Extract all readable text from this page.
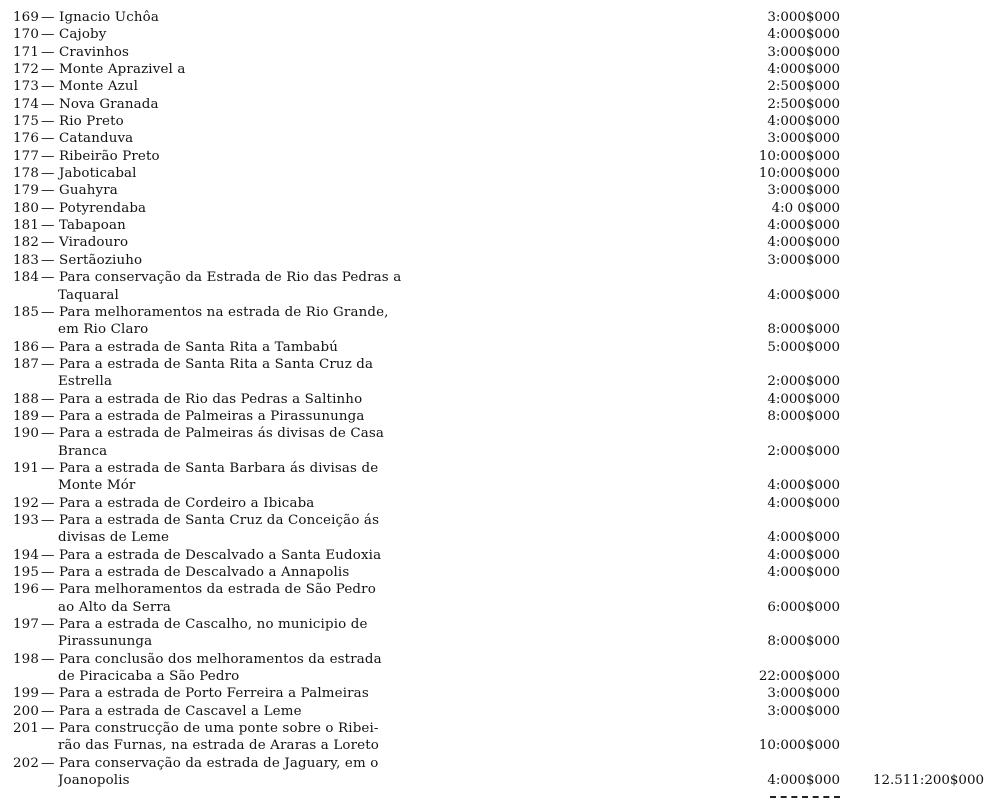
169 — Ignacio Uchôa	3:000$000
170 — Cajoby	4:000$000
171 — Cravinhos	3:000$000
172 — Monte Aprazivel a	4:000$000
173 — Monte Azul	2:500$000
174 — Nova Granada	2:500$000
175 — Rio Preto	4:000$000
176 — Catanduva	3:000$000
177 — Ribeirão Preto	10:000$000
178 — Jaboticabal	10:000$000
179 — Guahyra	3:000$000
180 — Potyrendaba	4:0 0$000
181 — Tabapoan	4:000$000
182 — Viradouro	4:000$000
183 — Sertãoziuho	3:000$000
184 — Para conservação da Estrada de Rio das Pedras a
Taquaral	4:000$000
185 — Para melhoramentos na estrada de Rio Grande,
em Rio Claro	8:000$000
186 — Para a estrada de Santa Rita a Tambabú	5:000$000
187 — Para a estrada de Santa Rita a Santa Cruz da
Estrella	2:000$000
188 — Para a estrada de Rio das Pedras a Saltinho	4:000$000
189 — Para a estrada de Palmeiras a Pirassununga	8:000$000
190 — Para a estrada de Palmeiras ás divisas de Casa
Branca	2:000$000
191 — Para a estrada de Santa Barbara ás divisas de
Monte Mór	4:000$000
192 — Para a estrada de Cordeiro a Ibicaba	4:000$000
193 — Para a estrada de Santa Cruz da Conceição ás
divisas de Leme	4:000$000
194 — Para a estrada de Descalvado a Santa Eudoxia	4:000$000
195 — Para a estrada de Descalvado a Annapolis	4:000$000
196 — Para melhoramentos da estrada de São Pedro
ao Alto da Serra	6:000$000
197 — Para a estrada de Cascalho, no municipio de
Pirassununga	8:000$000
198 — Para conclusão dos melhoramentos da estrada
de Piracicaba a São Pedro	22:000$000
199 — Para a estrada de Porto Ferreira a Palmeiras	3:000$000
200 — Para a estrada de Cascavel a Leme	3:000$000
201 — Para construcção de uma ponte sobre o Ribei-
rão das Furnas, na estrada de Araras a Loreto	10:000$000
202 — Para conservação da estrada de Jaguary, em o
Joanopolis	4:000$000 12.511:200$000
